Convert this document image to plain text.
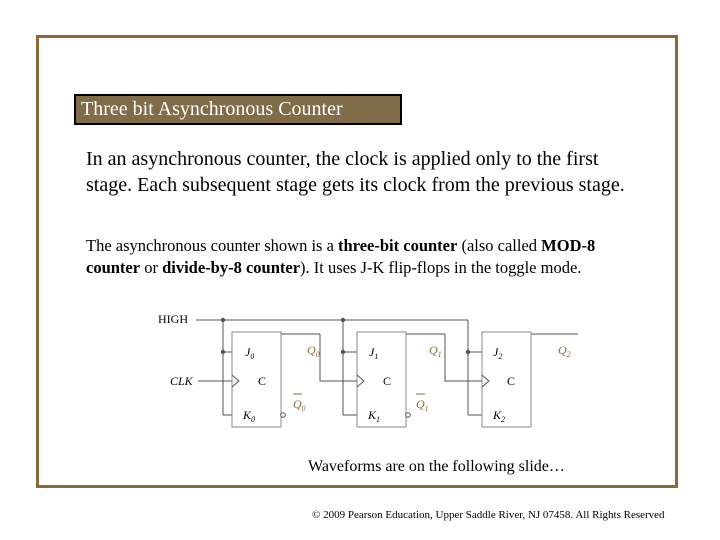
Three bit Asynchronous Counter
In an asynchronous counter, the clock is applied only to the first stage. Each subsequent stage gets its clock from the previous stage.
The asynchronous counter shown is a three-bit counter (also called MOD-8 counter or divide-by-8 counter). It uses J-K flip-flops in the toggle mode.
HIGH
CLK
$J_0$
$K_0$
$Q_0$
$Q_0$
C
$J_1$
$K_1$
$Q_1$
$Q_1$
C
$J_2$
$K_2$
$Q_2$
C
Waveforms are on the following slide…
© 2009 Pearson Education, Upper Saddle River, NJ 07458. All Rights Reserved
